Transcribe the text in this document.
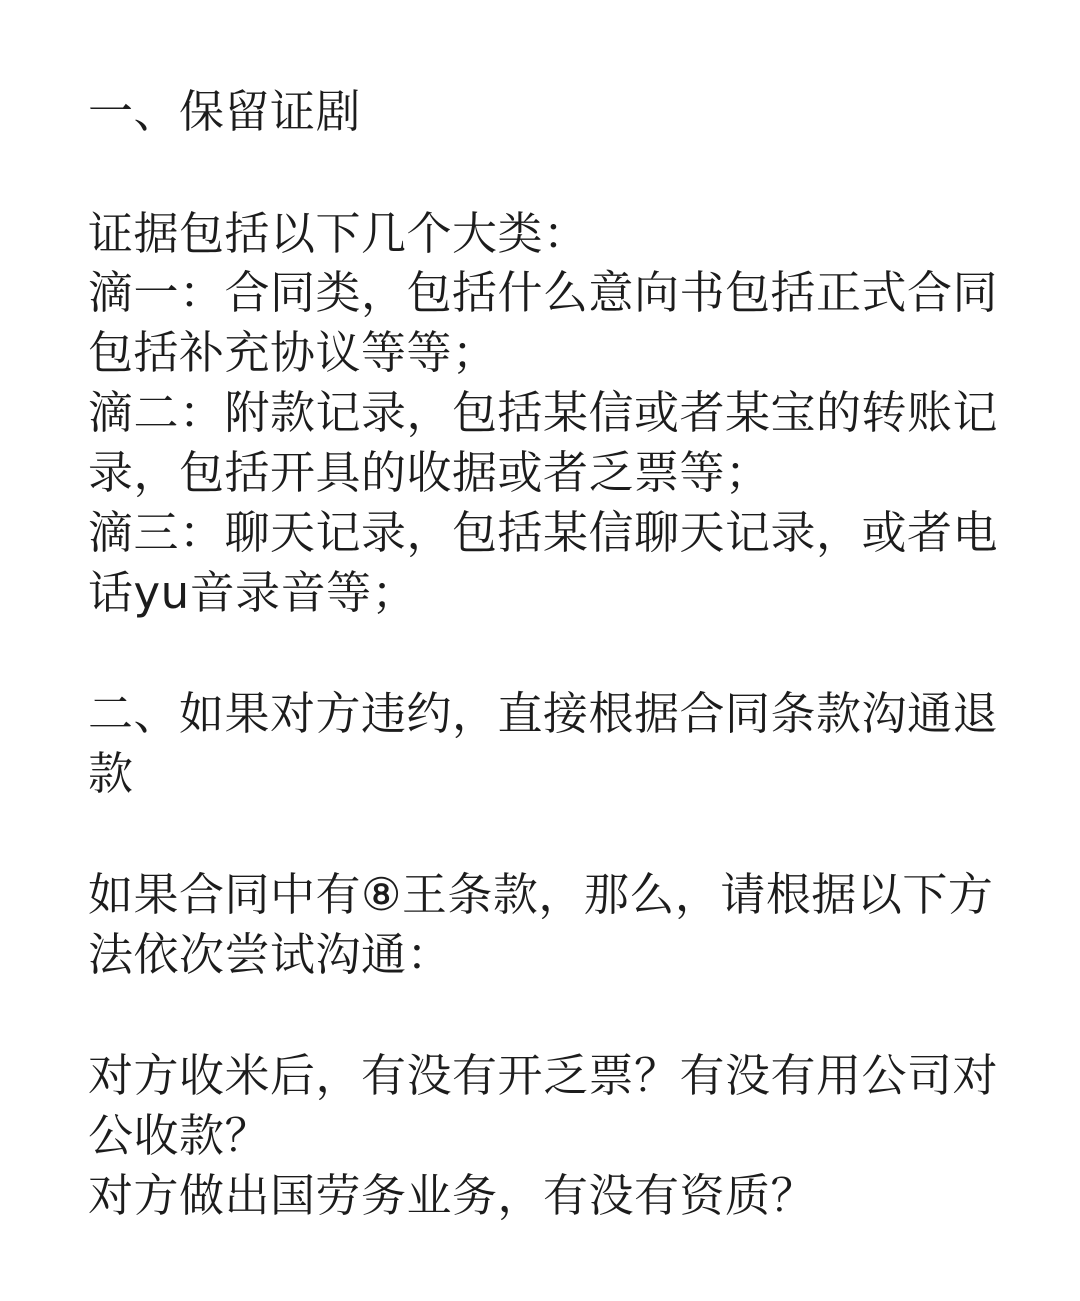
一、保留证剧
证据包括以下几个大类：
滴一：合同类，包括什么意向书包括正式合同
包括补充协议等等；
滴二：附款记录，包括某信或者某宝的转账记
录，包括开具的收据或者乏票等；
滴三：聊天记录，包括某信聊天记录，或者电
话yu音录音等；
二、如果对方违约，直接根据合同条款沟通退
款
如果合同中有⑧王条款，那么，请根据以下方
法依次尝试沟通：
对方收米后，有没有开乏票？有没有用公司对
公收款？
对方做出国劳务业务，有没有资质？
